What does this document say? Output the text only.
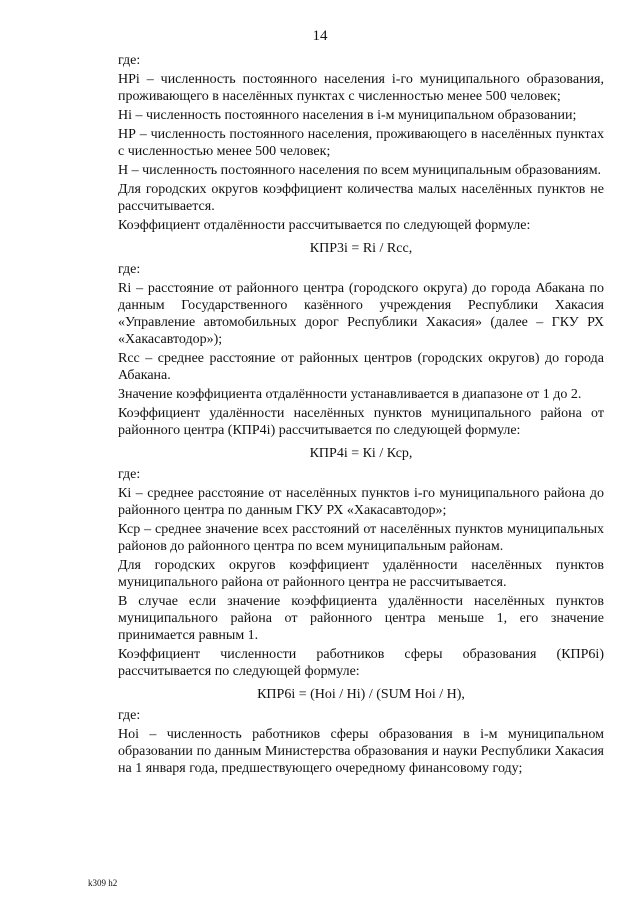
14

где:

НРi – численность постоянного населения i-го муниципального образования, проживающего в населённых пунктах с численностью менее 500 человек;

Нi – численность постоянного населения в i-м муниципальном образовании;

НР – численность постоянного населения, проживающего в населённых пунктах с численностью менее 500 человек;

Н – численность постоянного населения по всем муниципальным образованиям.

Для городских округов коэффициент количества малых населённых пунктов не рассчитывается.

Коэффициент отдалённости рассчитывается по следующей формуле:

КПР3i = Ri / Rcc,

где:

Ri – расстояние от районного центра (городского округа) до города Абакана по данным Государственного казённого учреждения Республики Хакасия «Управление автомобильных дорог Республики Хакасия» (далее – ГКУ РХ «Хакасавтодор»);

Rcc – среднее расстояние от районных центров (городских округов) до города Абакана.

Значение коэффициента отдалённости устанавливается в диапазоне от 1 до 2.

Коэффициент удалённости населённых пунктов муниципального района от районного центра (КПР4i) рассчитывается по следующей формуле:

КПР4i = Кi / Кср,

где:

Кi – среднее расстояние от населённых пунктов i-го муниципального района до районного центра по данным ГКУ РХ «Хакасавтодор»;

Кср – среднее значение всех расстояний от населённых пунктов муниципальных районов до районного центра по всем муниципальным районам.

Для городских округов коэффициент удалённости населённых пунктов муниципального района от районного центра не рассчитывается.

В случае если значение коэффициента удалённости населённых пунктов муниципального района от районного центра меньше 1, его значение принимается равным 1.

Коэффициент численности работников сферы образования (КПР6i) рассчитывается по следующей формуле:

КПР6i = (Нoi / Нi) / (SUM Нoi / Н),

где:

Нoi – численность работников сферы образования в i-м муниципальном образовании по данным Министерства образования и науки Республики Хакасия на 1 января года, предшествующего очередному финансовому году;

k309 h2
